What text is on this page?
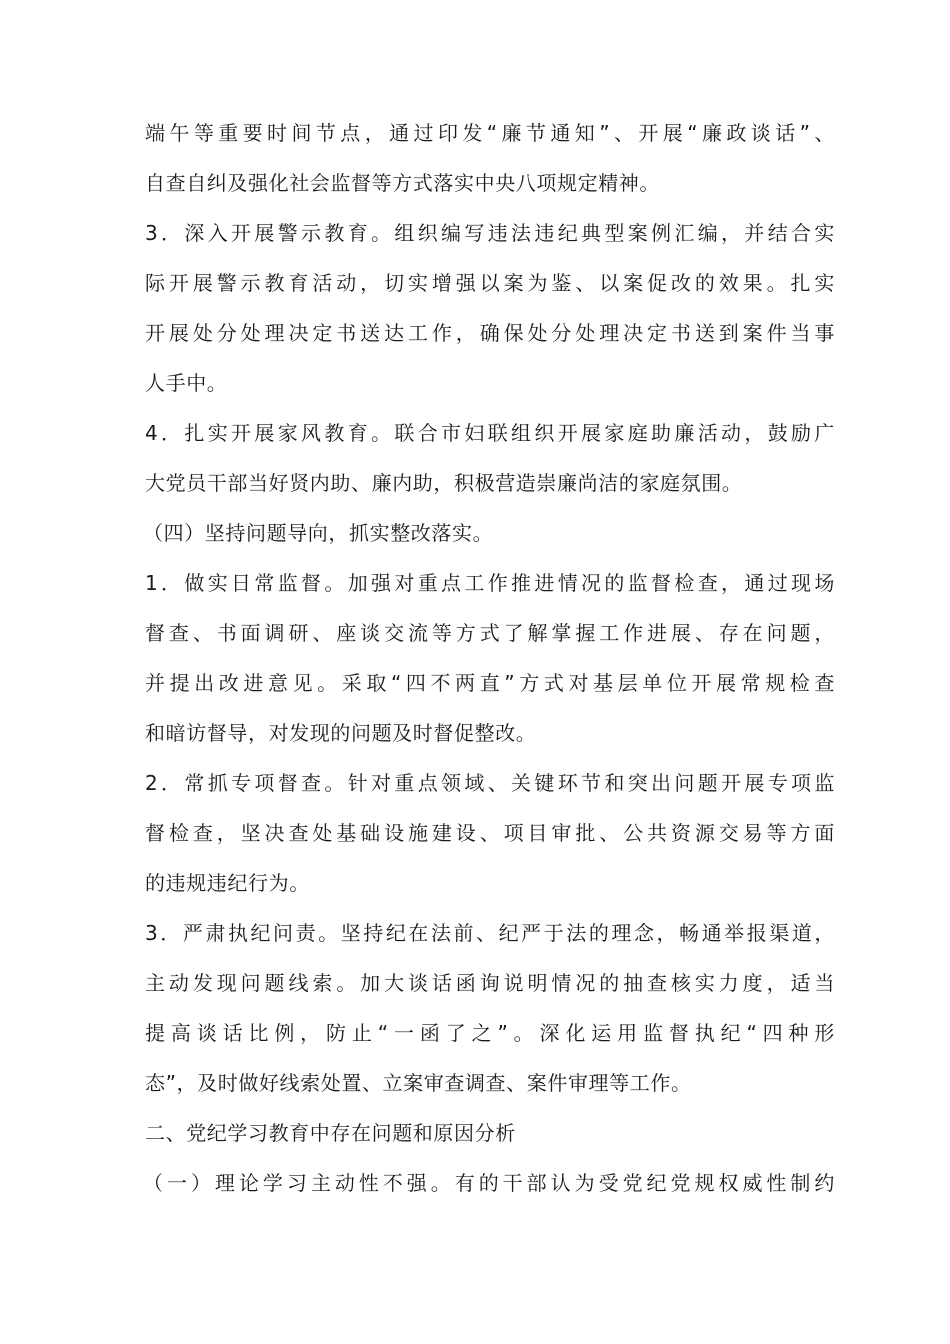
端午等重要时间节点，通过印发“廉节通知”、开展“廉政谈话”、
自查自纠及强化社会监督等方式落实中央八项规定精神。
3．深入开展警示教育。组织编写违法违纪典型案例汇编，并结合实
际开展警示教育活动，切实增强以案为鉴、以案促改的效果。扎实
开展处分处理决定书送达工作，确保处分处理决定书送到案件当事
人手中。
4．扎实开展家风教育。联合市妇联组织开展家庭助廉活动，鼓励广
大党员干部当好贤内助、廉内助，积极营造崇廉尚洁的家庭氛围。
（四）坚持问题导向，抓实整改落实。
1．做实日常监督。加强对重点工作推进情况的监督检查，通过现场
督查、书面调研、座谈交流等方式了解掌握工作进展、存在问题，
并提出改进意见。采取“四不两直”方式对基层单位开展常规检查
和暗访督导，对发现的问题及时督促整改。
2．常抓专项督查。针对重点领域、关键环节和突出问题开展专项监
督检查，坚决查处基础设施建设、项目审批、公共资源交易等方面
的违规违纪行为。
3．严肃执纪问责。坚持纪在法前、纪严于法的理念，畅通举报渠道，
主动发现问题线索。加大谈话函询说明情况的抽查核实力度，适当
提高谈话比例，防止“一函了之”。深化运用监督执纪“四种形
态”，及时做好线索处置、立案审查调查、案件审理等工作。
二、党纪学习教育中存在问题和原因分析
（一）理论学习主动性不强。有的干部认为受党纪党规权威性制约
